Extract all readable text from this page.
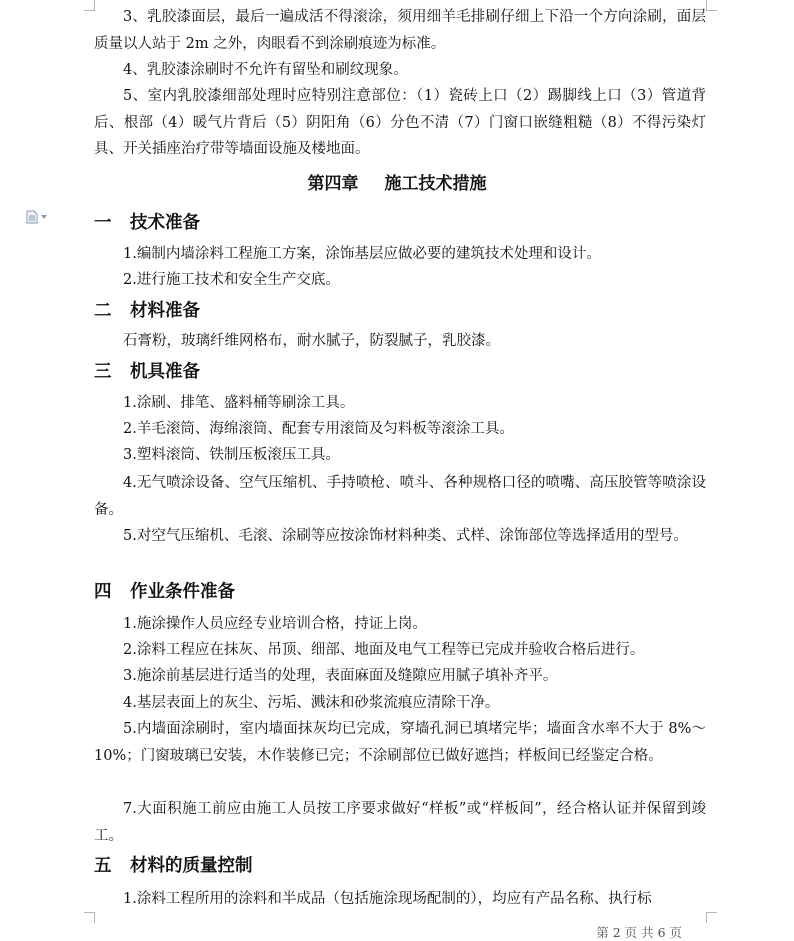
3、乳胶漆面层，最后一遍成活不得滚涂，须用细羊毛排刷仔细上下沿一个方向涂刷，面层质量以人站于 2m 之外，肉眼看不到涂刷痕迹为标准。

4、乳胶漆涂刷时不允许有留坠和刷纹现象。

5、室内乳胶漆细部处理时应特别注意部位：（1）瓷砖上口（2）踢脚线上口（3）管道背后、根部（4）暖气片背后（5）阴阳角（6）分色不清（7）门窗口嵌缝粗糙（8）不得污染灯具、开关插座治疗带等墙面设施及楼地面。

第四章 施工技术措施

一 技术准备

1.编制内墙涂料工程施工方案，涂饰基层应做必要的建筑技术处理和设计。

2.进行施工技术和安全生产交底。

二 材料准备

石膏粉，玻璃纤维网格布，耐水腻子，防裂腻子，乳胶漆。

三 机具准备

1.涂刷、排笔、盛料桶等刷涂工具。

2.羊毛滚筒、海绵滚筒、配套专用滚筒及匀料板等滚涂工具。

3.塑料滚筒、铁制压板滚压工具。

4.无气喷涂设备、空气压缩机、手持喷枪、喷斗、各种规格口径的喷嘴、高压胶管等喷涂设备。

5.对空气压缩机、毛滚、涂刷等应按涂饰材料种类、式样、涂饰部位等选择适用的型号。

四 作业条件准备

1.施涂操作人员应经专业培训合格，持证上岗。

2.涂料工程应在抹灰、吊顶、细部、地面及电气工程等已完成并验收合格后进行。

3.施涂前基层进行适当的处理，表面麻面及缝隙应用腻子填补齐平。

4.基层表面上的灰尘、污垢、溅沫和砂浆流痕应清除干净。

5.内墙面涂刷时，室内墙面抹灰均已完成，穿墙孔洞已填堵完毕；墙面含水率不大于 8%～10%；门窗玻璃已安装，木作装修已完；不涂刷部位已做好遮挡；样板间已经鉴定合格。

7.大面积施工前应由施工人员按工序要求做好“样板”或“样板间”，经合格认证并保留到竣工。

五 材料的质量控制

1.涂料工程所用的涂料和半成品（包括施涂现场配制的），均应有产品名称、执行标

第 2 页 共 6 页
